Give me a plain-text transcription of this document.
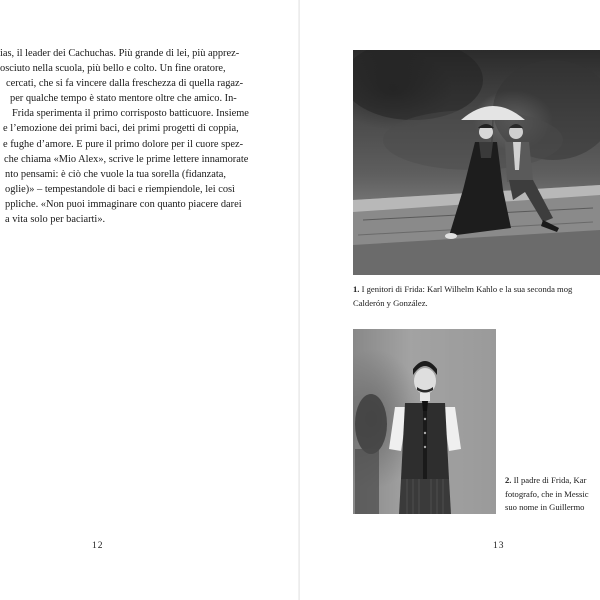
ias, il leader dei Cachuchas. Più grande di lei, più apprez-
osciuto nella scuola, più bello e colto. Un fine oratore,
cercati, che si fa vincere dalla freschezza di quella ragaz-
per qualche tempo è stato mentore oltre che amico. In-
Frida sperimenta il primo corrisposto batticuore. Insieme
e l’emozione dei primi baci, dei primi progetti di coppia,
e fughe d’amore. E pure il primo dolore per il cuore spez-
che chiama «Mio Alex», scrive le prime lettere innamorate
nto pensami: è ciò che vuole la tua sorella (fidanzata,
oglie)» – tempestandole di baci e riempiendole, lei così
ppliche. «Non puoi immaginare con quanto piacere darei
a vita solo per baciarti».
12
1. I genitori di Frida: Karl Wilhelm Kahlo e la sua seconda mog
Calderón y González.
2. Il padre di Frida, Kar
fotografo, che in Messic
suo nome in Guillermo
13
